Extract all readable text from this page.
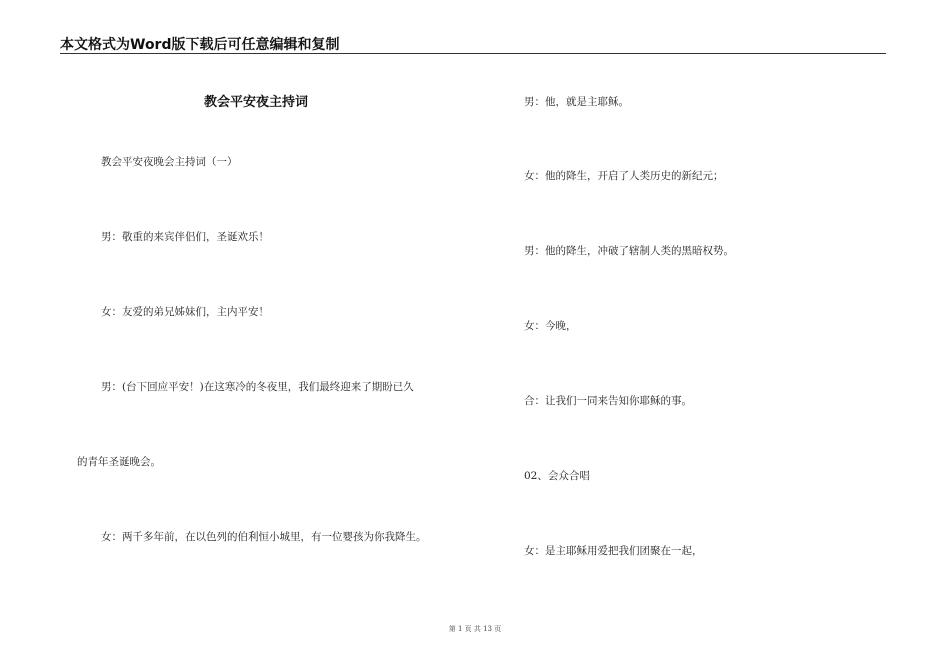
本文格式为Word版下载后可任意编辑和复制
教会平安夜主持词
教会平安夜晚会主持词（一）
男：敬重的来宾伴侣们，圣诞欢乐！
女：友爱的弟兄姊妹们，主内平安！
男：(台下回应平安！)在这寒冷的冬夜里，我们最终迎来了期盼已久
的青年圣诞晚会。
女：两千多年前，在以色列的伯利恒小城里，有一位婴孩为你我降生。
男：他，就是主耶稣。
女：他的降生，开启了人类历史的新纪元；
男：他的降生，冲破了辖制人类的黑暗权势。
女：今晚，
合：让我们一同来告知你耶稣的事。
02、会众合唱
女：是主耶稣用爱把我们团聚在一起，
第 1 页 共 13 页
